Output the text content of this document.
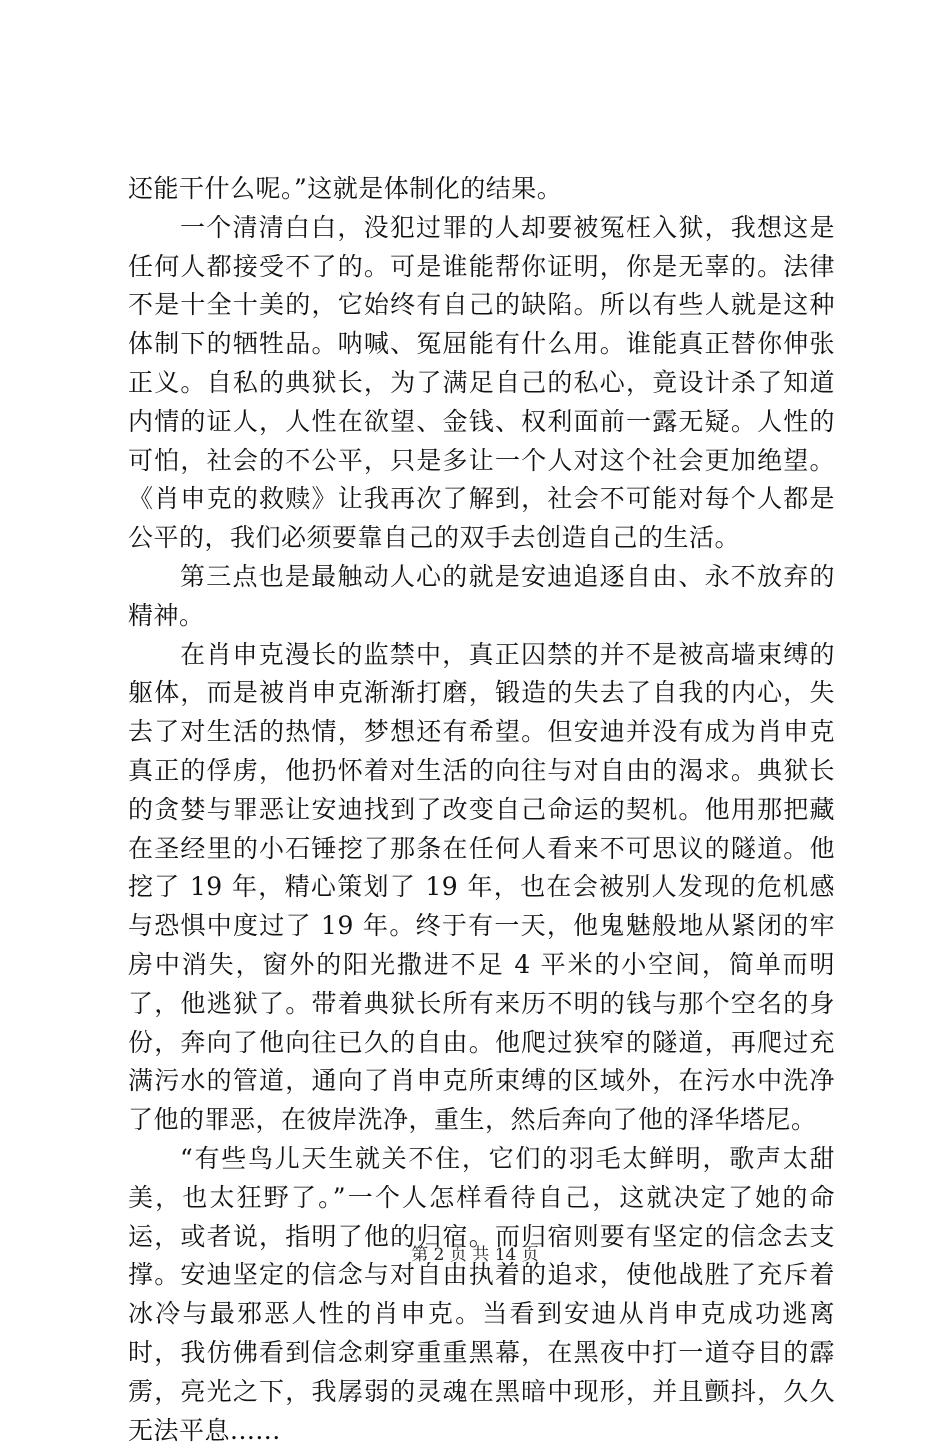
还能干什么呢。”这就是体制化的结果。

一个清清白白，没犯过罪的人却要被冤枉入狱，我想这是任何人都接受不了的。可是谁能帮你证明，你是无辜的。法律不是十全十美的，它始终有自己的缺陷。所以有些人就是这种体制下的牺牲品。呐喊、冤屈能有什么用。谁能真正替你伸张正义。自私的典狱长，为了满足自己的私心，竟设计杀了知道内情的证人，人性在欲望、金钱、权利面前一露无疑。人性的可怕，社会的不公平，只是多让一个人对这个社会更加绝望。《肖申克的救赎》让我再次了解到，社会不可能对每个人都是公平的，我们必须要靠自己的双手去创造自己的生活。

第三点也是最触动人心的就是安迪追逐自由、永不放弃的精神。

在肖申克漫长的监禁中，真正囚禁的并不是被高墙束缚的躯体，而是被肖申克渐渐打磨，锻造的失去了自我的内心，失去了对生活的热情，梦想还有希望。但安迪并没有成为肖申克真正的俘虏，他扔怀着对生活的向往与对自由的渴求。典狱长的贪婪与罪恶让安迪找到了改变自己命运的契机。他用那把藏在圣经里的小石锤挖了那条在任何人看来不可思议的隧道。他挖了 19 年，精心策划了 19 年，也在会被别人发现的危机感与恐惧中度过了 19 年。终于有一天，他鬼魅般地从紧闭的牢房中消失，窗外的阳光撒进不足 4 平米的小空间，简单而明了，他逃狱了。带着典狱长所有来历不明的钱与那个空名的身份，奔向了他向往已久的自由。他爬过狭窄的隧道，再爬过充满污水的管道，通向了肖申克所束缚的区域外，在污水中洗净了他的罪恶，在彼岸洗净，重生，然后奔向了他的泽华塔尼。

“有些鸟儿天生就关不住，它们的羽毛太鲜明，歌声太甜美，也太狂野了。”一个人怎样看待自己，这就决定了她的命运，或者说，指明了他的归宿。而归宿则要有坚定的信念去支撑。安迪坚定的信念与对自由执着的追求，使他战胜了充斥着冰冷与最邪恶人性的肖申克。当看到安迪从肖申克成功逃离时，我仿佛看到信念刺穿重重黑幕，在黑夜中打一道夺目的霹雳，亮光之下，我孱弱的灵魂在黑暗中现形，并且颤抖，久久无法平息......

第 2 页 共 14 页
